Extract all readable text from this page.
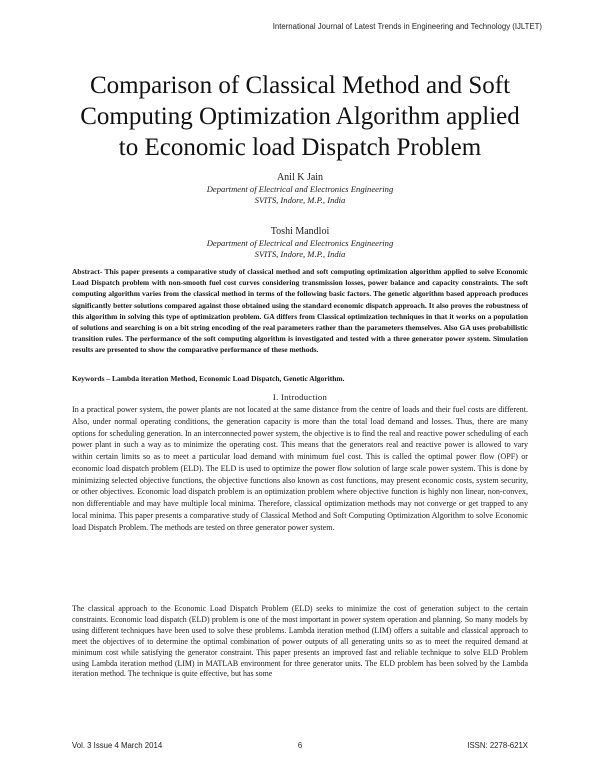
International Journal of Latest Trends in Engineering and Technology (IJLTET)
Comparison of Classical Method and Soft Computing Optimization Algorithm applied to Economic load Dispatch Problem
Anil K Jain
Department of Electrical and Electronics Engineering
SVITS, Indore, M.P., India
Toshi Mandloi
Department of Electrical and Electronics Engineering
SVITS, Indore, M.P., India
Abstract- This paper presents a comparative study of classical method and soft computing optimization algorithm applied to solve Economic Load Dispatch problem with non-smooth fuel cost curves considering transmission losses, power balance and capacity constraints. The soft computing algorithm varies from the classical method in terms of the following basic factors. The genetic algorithm based approach produces significantly better solutions compared against those obtained using the standard economic dispatch approach. It also proves the robustness of this algorithm in solving this type of optimization problem. GA differs from Classical optimization techniques in that it works on a population of solutions and searching is on a bit string encoding of the real parameters rather than the parameters themselves. Also GA uses probabilistic transition rules. The performance of the soft computing algorithm is investigated and tested with a three generator power system. Simulation results are presented to show the comparative performance of these methods.
Keywords – Lambda iteration Method, Economic Load Dispatch, Genetic Algorithm.
I. Introduction
In a practical power system, the power plants are not located at the same distance from the centre of loads and their fuel costs are different. Also, under normal operating conditions, the generation capacity is more than the total load demand and losses. Thus, there are many options for scheduling generation. In an interconnected power system, the objective is to find the real and reactive power scheduling of each power plant in such a way as to minimize the operating cost. This means that the generators real and reactive power is allowed to vary within certain limits so as to meet a particular load demand with minimum fuel cost. This is called the optimal power flow (OPF) or economic load dispatch problem (ELD). The ELD is used to optimize the power flow solution of large scale power system. This is done by minimizing selected objective functions, the objective functions also known as cost functions, may present economic costs, system security, or other objectives. Economic load dispatch problem is an optimization problem where objective function is highly non linear, non-convex, non differentiable and may have multiple local minima. Therefore, classical optimization methods may not converge or get trapped to any local minima. This paper presents a comparative study of Classical Method and Soft Computing Optimization Algorithm to solve Economic load Dispatch Problem. The methods are tested on three generator power system.
The classical approach to the Economic Load Dispatch Problem (ELD) seeks to minimize the cost of generation subject to the certain constraints. Economic load dispatch (ELD) problem is one of the most important in power system operation and planning. So many models by using different techniques have been used to solve these problems. Lambda iteration method (LIM) offers a suitable and classical approach to meet the objectives of to determine the optimal combination of power outputs of all generating units so as to meet the required demand at minimum cost while satisfying the generator constraint. This paper presents an improved fast and reliable technique to solve ELD Problem using Lambda iteration method (LIM) in MATLAB environment for three generator units. The ELD problem has been solved by the Lambda iteration method. The technique is quite effective, but has some
Vol. 3 Issue 4 March 2014	6	ISSN: 2278-621X
